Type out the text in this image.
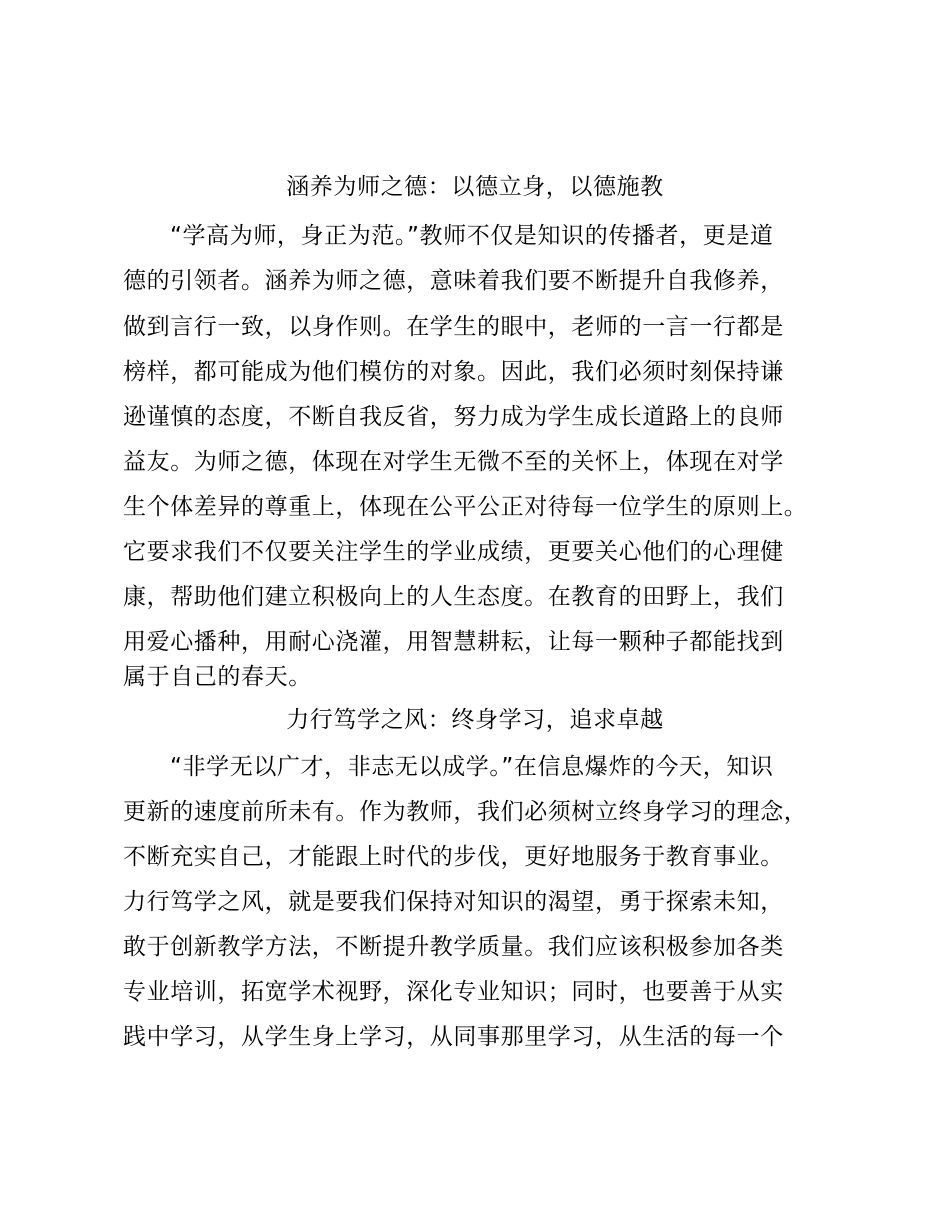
涵养为师之德：以德立身，以德施教
“学高为师，身正为范。”教师不仅是知识的传播者，更是道
德的引领者。涵养为师之德，意味着我们要不断提升自我修养，
做到言行一致，以身作则。在学生的眼中，老师的一言一行都是
榜样，都可能成为他们模仿的对象。因此，我们必须时刻保持谦
逊谨慎的态度，不断自我反省，努力成为学生成长道路上的良师
益友。为师之德，体现在对学生无微不至的关怀上，体现在对学
生个体差异的尊重上，体现在公平公正对待每一位学生的原则上。
它要求我们不仅要关注学生的学业成绩，更要关心他们的心理健
康，帮助他们建立积极向上的人生态度。在教育的田野上，我们
用爱心播种，用耐心浇灌，用智慧耕耘，让每一颗种子都能找到
属于自己的春天。
力行笃学之风：终身学习，追求卓越
“非学无以广才，非志无以成学。”在信息爆炸的今天，知识
更新的速度前所未有。作为教师，我们必须树立终身学习的理念，
不断充实自己，才能跟上时代的步伐，更好地服务于教育事业。
力行笃学之风，就是要我们保持对知识的渴望，勇于探索未知，
敢于创新教学方法，不断提升教学质量。我们应该积极参加各类
专业培训，拓宽学术视野，深化专业知识；同时，也要善于从实
践中学习，从学生身上学习，从同事那里学习，从生活的每一个
